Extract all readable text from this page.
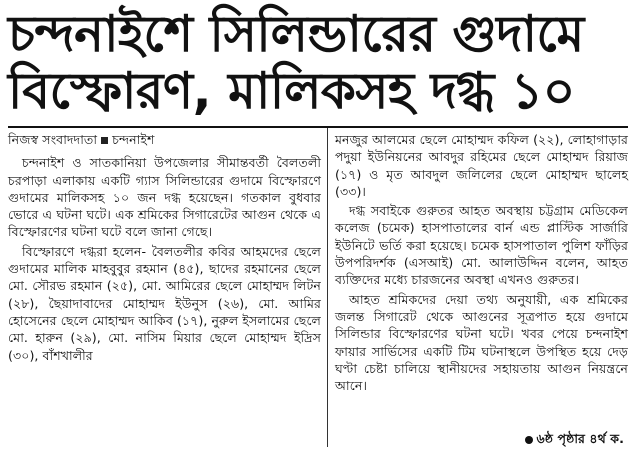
চন্দনাইশে সিলিন্ডারের গুদামে
বিস্ফোরণ, মালিকসহ দগ্ধ ১০

নিজস্ব সংবাদদাতা চন্দনাইশ

চন্দনাইশ ও সাতকানিয়া উপজেলার সীমান্তবর্তী বৈলতলী চরপাড়া এলাকায় একটি গ্যাস সিলিন্ডারের গুদামে বিস্ফোরণে গুদামের মালিকসহ ১০ জন দগ্ধ হয়েছেন। গতকাল বুধবার ভোরে এ ঘটনা ঘটে। এক শ্রমিকের সিগারেটের আগুন থেকে এ বিস্ফোরণের ঘটনা ঘটে বলে জানা গেছে।

বিস্ফোরণে দগ্ধরা হলেন- বৈলতলীর কবির আহমদের ছেলে গুদামের মালিক মাহবুবুর রহমান (৪৫), ছাদের রহমানের ছেলে মো. সৌরভ রহমান (২৫), মো. আমিরের ছেলে মোহাম্মদ লিটন (২৮), ছৈয়াদাবাদের মোহাম্মদ ইউনুস (২৬), মো. আমির হোসেনের ছেলে মোহাম্মদ আকিব (১৭), নুরুল ইসলামের ছেলে মো. হারুন (২৯), মো. নাসিম মিয়ার ছেলে মোহাম্মদ ইদ্রিস (৩০), বাঁশখালীর

মনজুর আলমের ছেলে মোহাম্মদ কফিল (২২), লোহাগাড়ার পদুয়া ইউনিয়নের আবদুর রহিমের ছেলে মোহাম্মদ রিয়াজ (১৭) ও মৃত আবদুল জলিলের ছেলে মোহাম্মদ ছালেহ (৩৩)।

দগ্ধ সবাইকে গুরুতর আহত অবস্থায় চট্টগ্রাম মেডিকেল কলেজ (চমেক) হাসপাতালের বার্ন এন্ড প্লাস্টিক সার্জারি ইউনিটে ভর্তি করা হয়েছে। চমেক হাসপাতাল পুলিশ ফাঁড়ির উপপরিদর্শক (এসআই) মো. আলাউদ্দিন বলেন, আহত ব্যক্তিদের মধ্যে চারজনের অবস্থা এখনও গুরুতর।

আহত শ্রমিকদের দেয়া তথ্য অনুযায়ী, এক শ্রমিকের জলন্ত সিগারেট থেকে আগুনের সূত্রপাত হয়ে গুদামে সিলিন্ডার বিস্ফোরণের ঘটনা ঘটে। খবর পেয়ে চন্দনাইশ ফায়ার সার্ভিসের একটি টিম ঘটনাস্থলে উপস্থিত হয়ে দেড় ঘণ্টা চেষ্টা চালিয়ে স্থানীয়দের সহায়তায় আগুন নিয়ন্ত্রনে আনে।

৬ষ্ঠ পৃষ্ঠার ৪র্থ ক.
